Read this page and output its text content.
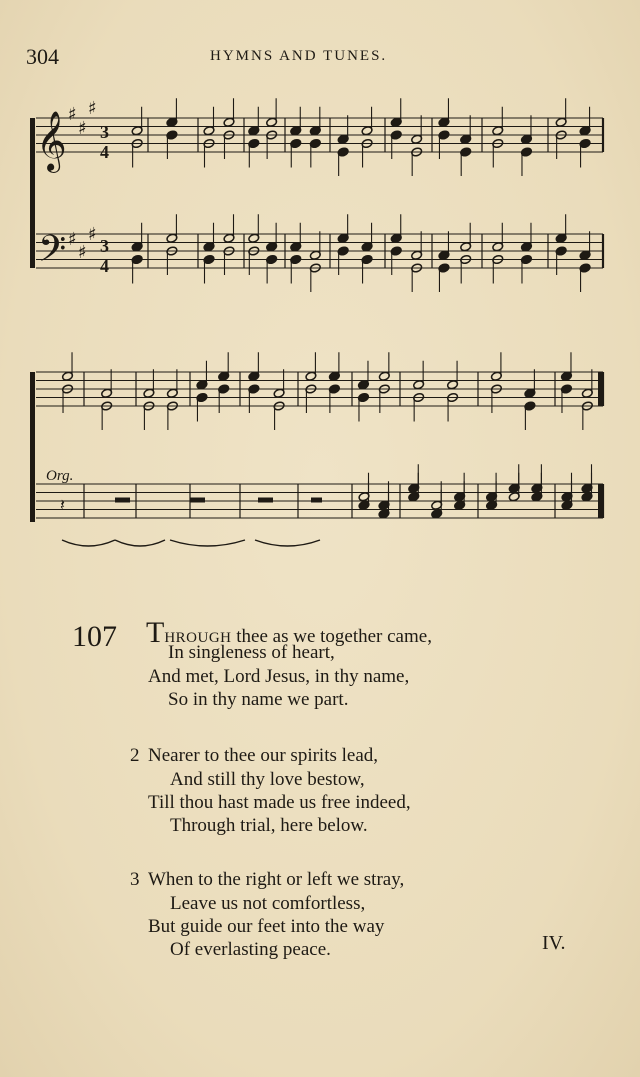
304	HYMNS AND TUNES.
𝄞
𝄢
♯
♯
♯
♯
♯
♯
3
4
3
4
𝄽
Org.
107 THROUGH thee as we together came,
In singleness of heart,
And met, Lord Jesus, in thy name,
So in thy name we part.
2 Nearer to thee our spirits lead,
And still thy love bestow,
Till thou hast made us free indeed,
Through trial, here below.
3 When to the right or left we stray,
Leave us not comfortless,
But guide our feet into the way
Of everlasting peace.	IV.
